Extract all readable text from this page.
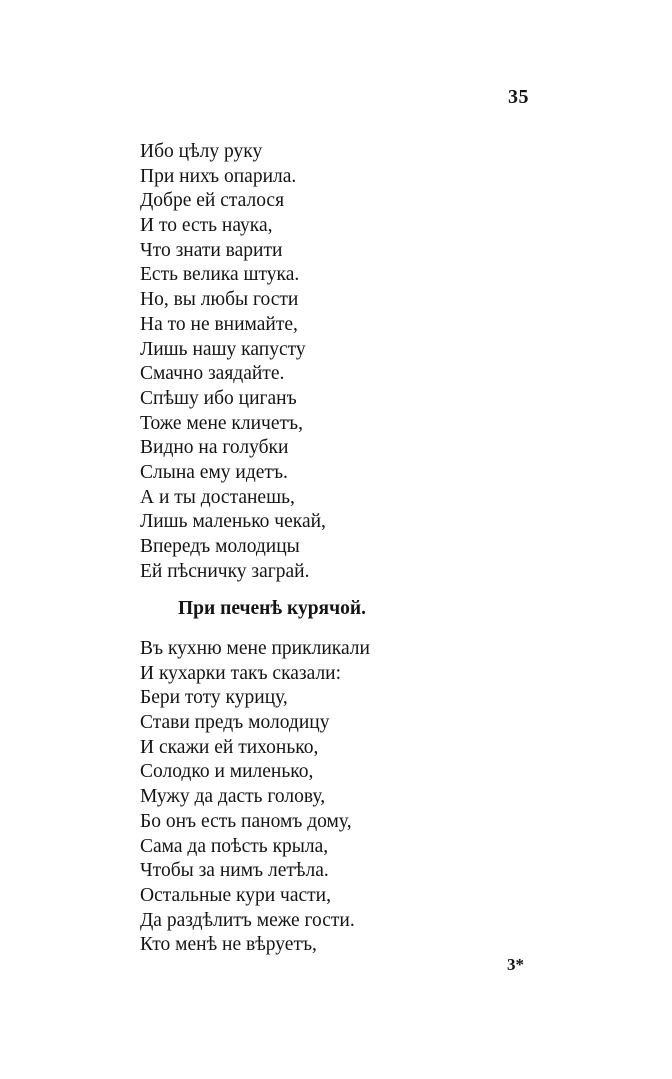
35
Ибо цѣлу руку
При нихъ опарила.
Добре ей сталося
И то есть наука,
Что знати варити
Есть велика штука.
Но, вы любы гости
На то не внимайте,
Лишь нашу капусту
Смачно заядайте.
Спѣшу ибо циганъ
Тоже мене кличетъ,
Видно на голубки
Слына ему идетъ.
А и ты достанешь,
Лишь маленько чекай,
Впередъ молодицы
Ей пѣсничку заграй.
При печенѣ курячой.
Въ кухню мене прикликали
И кухарки такъ сказали:
Бери тоту курицу,
Стави предъ молодицу
И скажи ей тихонько,
Солодко и миленько,
Мужу да дасть голову,
Бо онъ есть паномъ дому,
Сама да поѣсть крыла,
Чтобы за нимъ летѣла.
Остальные кури части,
Да раздѣлитъ меже гости.
Кто менѣ не вѣруетъ,
3*
